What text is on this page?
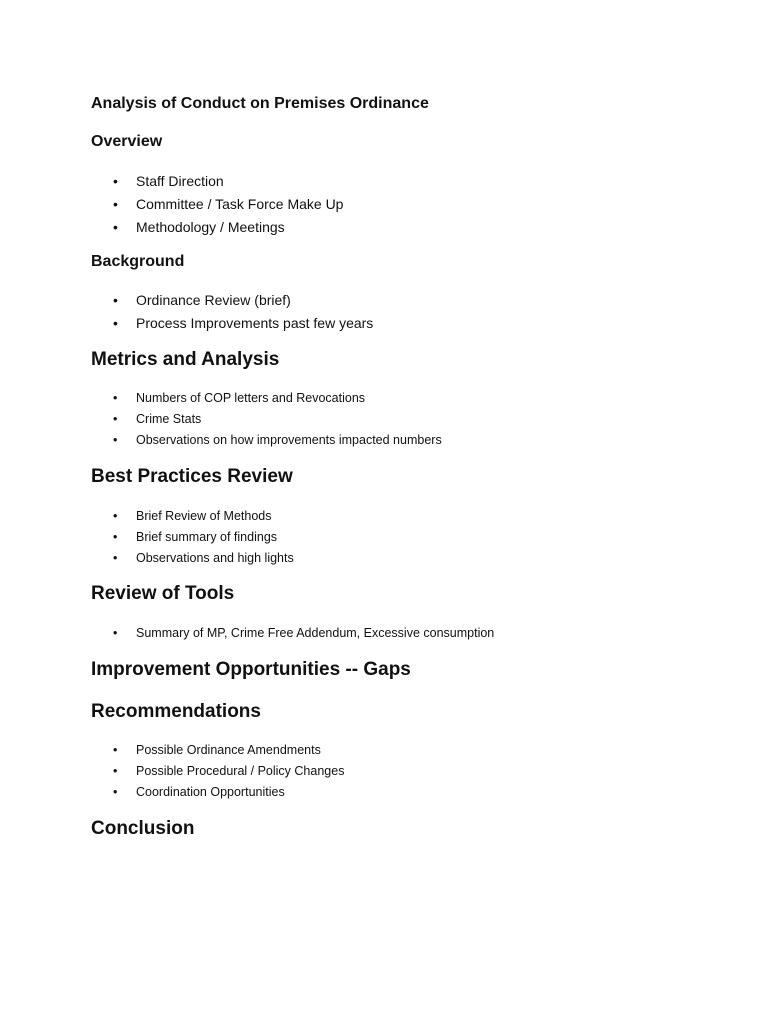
Analysis of Conduct on Premises Ordinance
Overview
• Staff Direction
• Committee / Task Force Make Up
• Methodology / Meetings
Background
• Ordinance Review (brief)
• Process Improvements past few years
Metrics and Analysis
• Numbers of COP letters and Revocations
• Crime Stats
• Observations on how improvements impacted numbers
Best Practices Review
• Brief Review of Methods
• Brief summary of findings
• Observations and high lights
Review of Tools
• Summary of MP, Crime Free Addendum, Excessive consumption
Improvement Opportunities -- Gaps
Recommendations
• Possible Ordinance Amendments
• Possible Procedural / Policy Changes
• Coordination Opportunities
Conclusion
